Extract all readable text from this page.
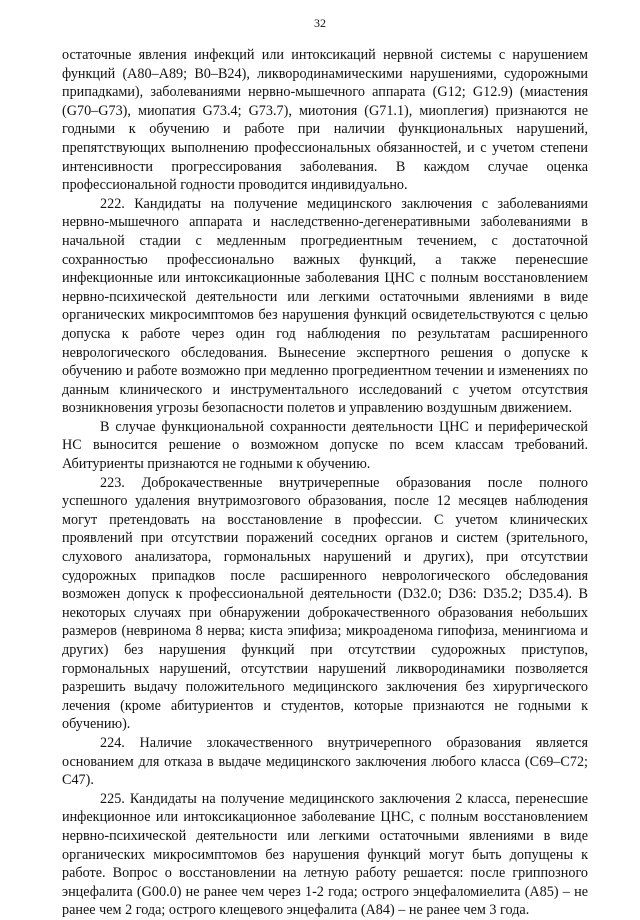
32

остаточные явления инфекций или интоксикаций нервной системы с нарушением функций (А80–А89; В0–В24), ликвородинамическими нарушениями, судорожными припадками), заболеваниями нервно-мышечного аппарата (G12; G12.9) (миастения (G70–G73), миопатия G73.4; G73.7), миотония (G71.1), миоплегия) признаются не годными к обучению и работе при наличии функциональных нарушений, препятствующих выполнению профессиональных обязанностей, и с учетом степени интенсивности прогрессирования заболевания. В каждом случае оценка профессиональной годности проводится индивидуально.

222. Кандидаты на получение медицинского заключения с заболеваниями нервно-мышечного аппарата и наследственно-дегенеративными заболеваниями в начальной стадии с медленным прогредиентным течением, с достаточной сохранностью профессионально важных функций, а также перенесшие инфекционные или интоксикационные заболевания ЦНС с полным восстановлением нервно-психической деятельности или легкими остаточными явлениями в виде органических микросимптомов без нарушения функций освидетельствуются с целью допуска к работе через один год наблюдения по результатам расширенного неврологического обследования. Вынесение экспертного решения о допуске к обучению и работе возможно при медленно прогредиентном течении и изменениях по данным клинического и инструментального исследований с учетом отсутствия возникновения угрозы безопасности полетов и управлению воздушным движением.

В случае функциональной сохранности деятельности ЦНС и периферической НС выносится решение о возможном допуске по всем классам требований. Абитуриенты признаются не годными к обучению.

223. Доброкачественные внутричерепные образования после полного успешного удаления внутримозгового образования, после 12 месяцев наблюдения могут претендовать на восстановление в профессии. С учетом клинических проявлений при отсутствии поражений соседних органов и систем (зрительного, слухового анализатора, гормональных нарушений и других), при отсутствии судорожных припадков после расширенного неврологического обследования возможен допуск к профессиональной деятельности (D32.0; D36: D35.2; D35.4). В некоторых случаях при обнаружении доброкачественного образования небольших размеров (невринома 8 нерва; киста эпифиза; микроаденома гипофиза, менингиома и других) без нарушения функций при отсутствии судорожных приступов, гормональных нарушений, отсутствии нарушений ликвородинамики позволяется разрешить выдачу положительного медицинского заключения без хирургического лечения (кроме абитуриентов и студентов, которые признаются не годными к обучению).

224. Наличие злокачественного внутричерепного образования является основанием для отказа в выдаче медицинского заключения любого класса (С69–С72; С47).

225. Кандидаты на получение медицинского заключения 2 класса, перенесшие инфекционное или интоксикационное заболевание ЦНС, с полным восстановлением нервно-психической деятельности или легкими остаточными явлениями в виде органических микросимптомов без нарушения функций могут быть допущены к работе. Вопрос о восстановлении на летную работу решается: после гриппозного энцефалита (G00.0) не ранее чем через 1-2 года; острого энцефаломиелита (А85) – не ранее чем 2 года; острого клещевого энцефалита (А84) – не ранее чем 3 года.
